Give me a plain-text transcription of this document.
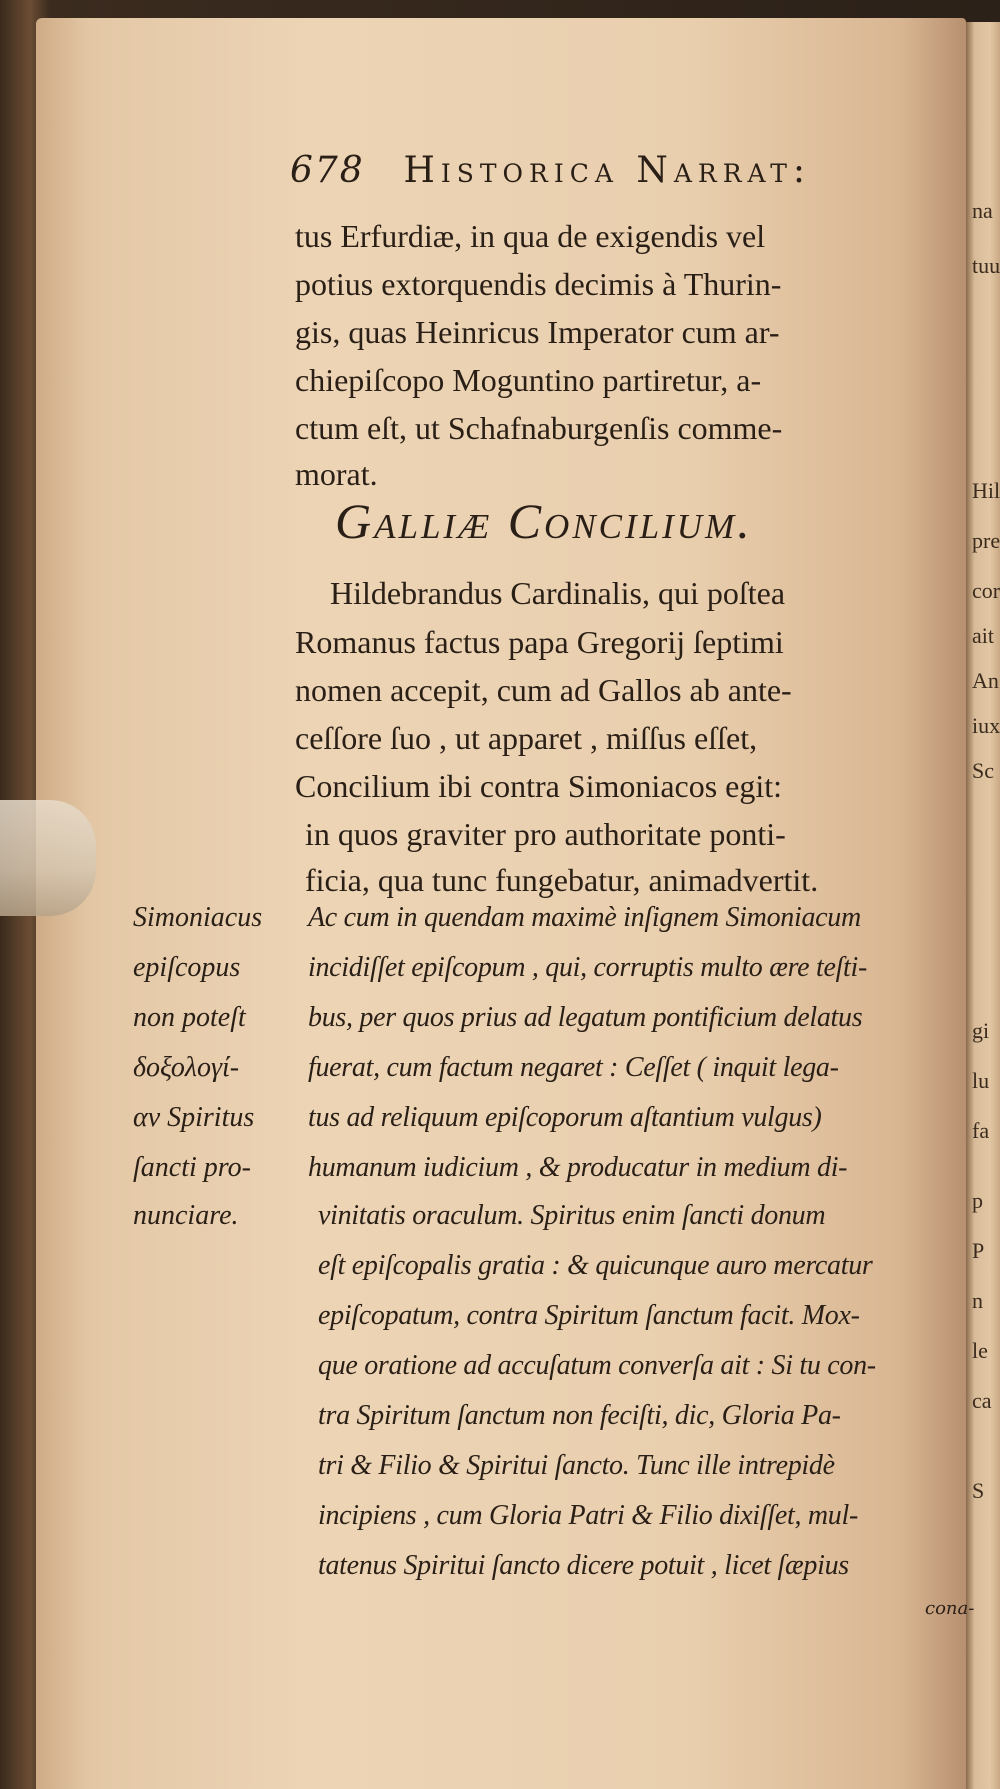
na
tuu
Hil
pre
cor
ait
An
iux
Sc
gi
lu
fa
p
P
n
le
ca
S
678 Historica Narrat:
tus Erfurdiæ, in qua de exigendis vel
potius extorquendis decimis à Thurin-
gis, quas Heinricus Imperator cum ar-
chiepiſcopo Moguntino partiretur, a-
ctum eſt, ut Schafnaburgenſis comme-
morat.
Galliæ Concilium.
Hildebrandus Cardinalis, qui poſtea
Romanus factus papa Gregorij ſeptimi
nomen accepit, cum ad Gallos ab ante-
ceſſore ſuo , ut apparet , miſſus eſſet,
Concilium ibi contra Simoniacos egit:
in quos graviter pro authoritate ponti-
ficia, qua tunc fungebatur, animadvertit.
Simoniacus
epiſcopus
non poteſt
δοξολογί-
αν Spiritus
ſancti pro-
nunciare.
Ac cum in quendam maximè inſignem Simoniacum
incidiſſet epiſcopum , qui, corruptis multo ære teſti-
bus, per quos prius ad legatum pontificium delatus
fuerat, cum factum negaret : Ceſſet ( inquit lega-
tus ad reliquum epiſcoporum aſtantium vulgus)
humanum iudicium , & producatur in medium di-
vinitatis oraculum. Spiritus enim ſancti donum
eſt epiſcopalis gratia : & quicunque auro mercatur
epiſcopatum, contra Spiritum ſanctum facit. Mox-
que oratione ad accuſatum converſa ait : Si tu con-
tra Spiritum ſanctum non feciſti, dic, Gloria Pa-
tri & Filio & Spiritui ſancto. Tunc ille intrepidè
incipiens , cum Gloria Patri & Filio dixiſſet, mul-
tatenus Spiritui ſancto dicere potuit , licet ſæpius
cona-
